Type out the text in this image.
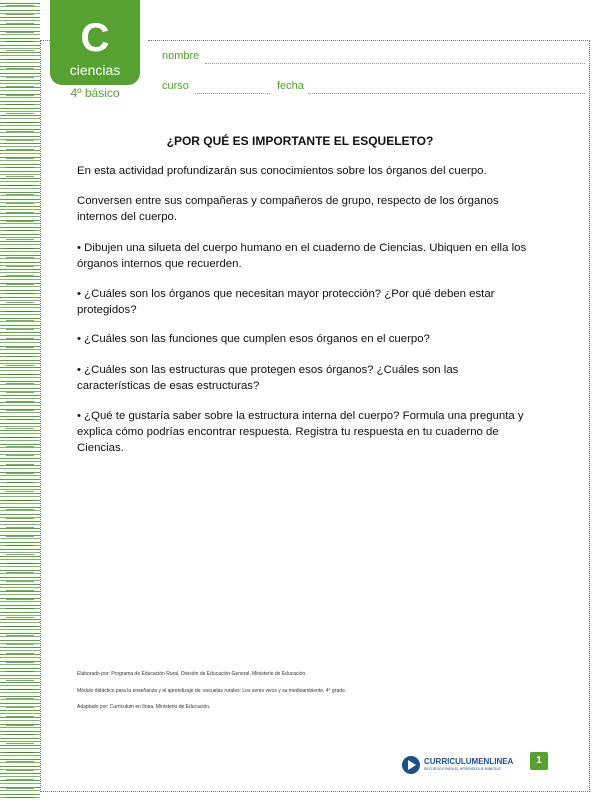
C
ciencias
4º básico
nombre
curso	fecha
¿POR QUÉ ES IMPORTANTE EL ESQUELETO?
En esta actividad profundizarán sus conocimientos sobre los órganos del cuerpo.
Conversen entre sus compañeras y compañeros de grupo, respecto de los órganos internos del cuerpo.
• Dibujen una silueta del cuerpo humano en el cuaderno de Ciencias. Ubiquen en ella los órganos internos que recuerden.
• ¿Cuáles son los órganos que necesitan mayor protección? ¿Por qué deben estar protegidos?
• ¿Cuáles son las funciones que cumplen esos órganos en el cuerpo?
• ¿Cuáles son las estructuras que protegen esos órganos? ¿Cuáles son las características de esas estructuras?
• ¿Qué te gustaría saber sobre la estructura interna del cuerpo? Formula una pregunta y explica cómo podrías encontrar respuesta. Registra tu respuesta en tu cuaderno de Ciencias.
Elaborado por: Programa de Educación Rural, División de Educación General, Ministerio de Educación.
Módulo didáctico para la enseñanza y el aprendizaje de: escuelas rurales: Los seres vivos y su medioambiente, 4° grado.
Adaptado por: Curriculum en línea, Ministerio de Educación.
CURRICULUMENLINEA
RECURSOS PARA EL APRENDIZAJE MINEDUC
1
